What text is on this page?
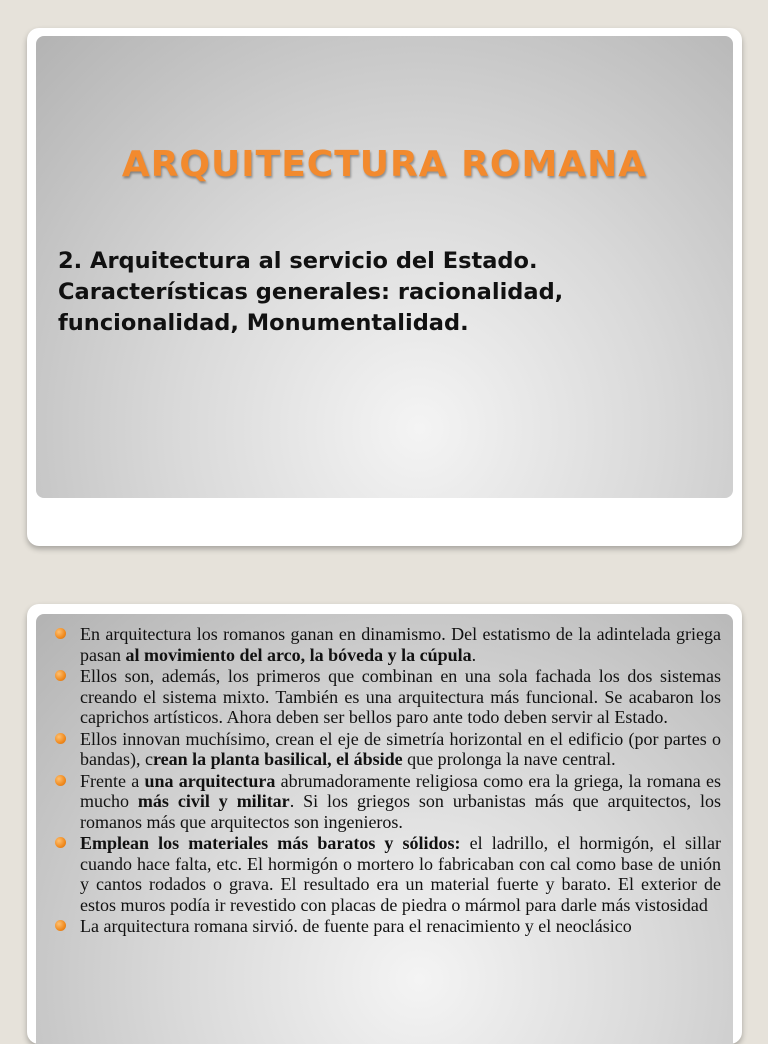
ARQUITECTURA ROMANA
2. Arquitectura al servicio del Estado.
Características generales: racionalidad,
funcionalidad, Monumentalidad.
En arquitectura los romanos ganan en dinamismo. Del estatismo de la adintelada griega pasan al movimiento del arco, la bóveda y la cúpula.
Ellos son, además, los primeros que combinan en una sola fachada los dos sistemas creando el sistema mixto. También es una arquitectura más funcional. Se acabaron los caprichos artísticos. Ahora deben ser bellos paro ante todo deben servir al Estado.
Ellos innovan muchísimo, crean el eje de simetría horizontal en el edificio (por partes o bandas), crean la planta basilical, el ábside que prolonga la nave central.
Frente a una arquitectura abrumadoramente religiosa como era la griega, la romana es mucho más civil y militar. Si los griegos son urbanistas más que arquitectos, los romanos más que arquitectos son ingenieros.
Emplean los materiales más baratos y sólidos: el ladrillo, el hormigón, el sillar cuando hace falta, etc. El hormigón o mortero lo fabricaban con cal como base de unión y cantos rodados o grava. El resultado era un material fuerte y barato. El exterior de estos muros podía ir revestido con placas de piedra o mármol para darle más vistosidad
La arquitectura romana sirvió. de fuente para el renacimiento y el neoclásico
